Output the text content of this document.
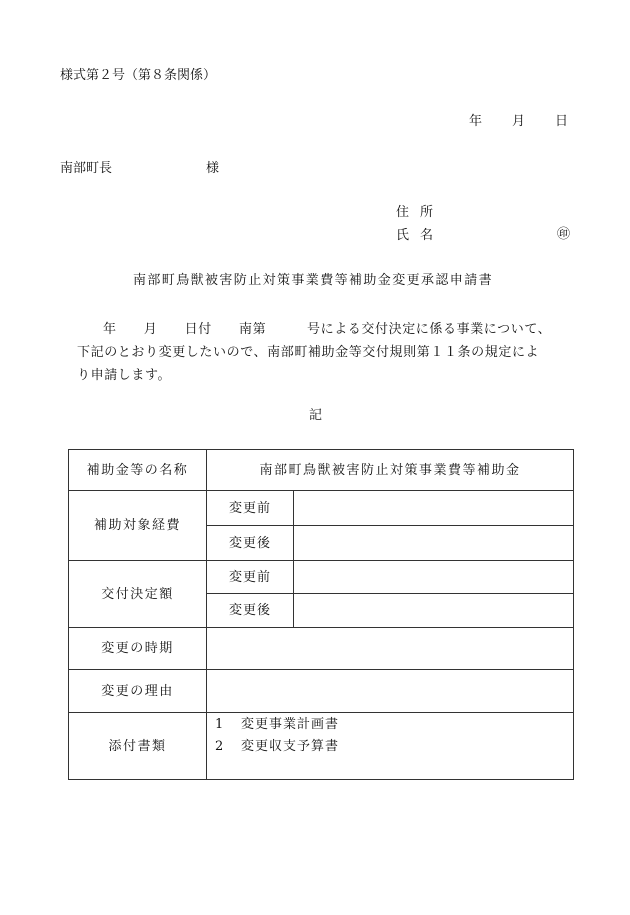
様式第２号（第８条関係）
年 月 日
南部町長	様
住所
氏名	㊞
南部町鳥獣被害防止対策事業費等補助金変更承認申請書
年　　月　　日付　　南第　　　号による交付決定に係る事業について、
下記のとおり変更したいので、南部町補助金等交付規則第１１条の規定によ
り申請します。
記
補助金等の名称	南部町鳥獣被害防止対策事業費等補助金	
補助対象経費	変更前	
	変更後	
交付決定額	変更前	
	変更後	
変更の時期		
変更の理由		
添付書類	1 変更事業計画書
2 変更収支予算書	
